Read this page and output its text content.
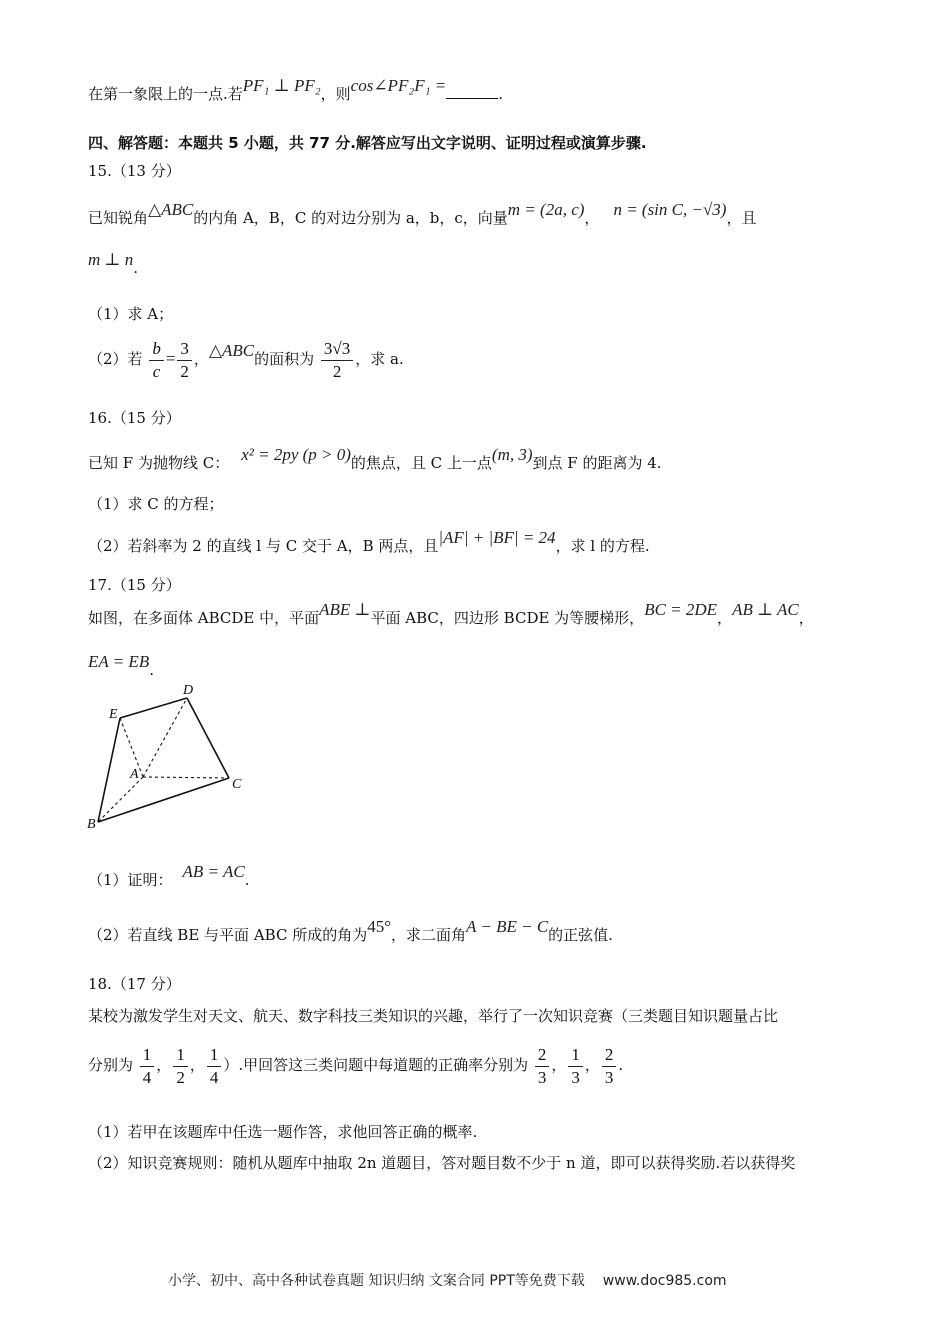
在第一象限上的一点.若PF₁ ⊥ PF₂，则cos∠PF₂F₁ =	.
四、解答题：本题共 5 小题，共 77 分.解答应写出文字说明、证明过程或演算步骤.
15.（13 分）
已知锐角△ABC的内角 A，B，C 的对边分别为 a，b，c，向量m = (2a, c)， n = (sin C, −√3)，且
m ⊥ n.
（1）求 A；
（2）若 $\frac{b}{c} = \frac{3}{2}$ ，△ABC的面积为 $\frac{3√3}{2}$ ，求 a.
16.（15 分）
已知 F 为抛物线 C： x² = 2py (p > 0)的焦点，且 C 上一点(m, 3)到点 F 的距离为 4.
（1）求 C 的方程；
（2）若斜率为 2 的直线 l 与 C 交于 A，B 两点，且|AF| + |BF| = 24，求 l 的方程.
17.（15 分）
如图，在多面体 ABCDE 中，平面ABE ⊥平面 ABC，四边形 BCDE 为等腰梯形，BC = 2DE，AB ⊥ AC，
EA = EB.
D
E
A
C
B
（1）证明： AB = AC.
（2）若直线 BE 与平面 ABC 所成的角为45°，求二面角A − BE − C的正弦值.
18.（17 分）
某校为激发学生对天文、航天、数字科技三类知识的兴趣，举行了一次知识竞赛（三类题目知识题量占比
分别为 $\frac{1}{4}$ ， $\frac{1}{2}$ ， $\frac{1}{4}$ ）.甲回答这三类问题中每道题的正确率分别为 $\frac{2}{3}$ ， $\frac{1}{3}$ ， $\frac{2}{3}$ .
（1）若甲在该题库中任选一题作答，求他回答正确的概率.
（2）知识竞赛规则：随机从题库中抽取 2n 道题目，答对题目数不少于 n 道，即可以获得奖励.若以获得奖
小学、初中、高中各种试卷真题 知识归纳 文案合同 PPT等免费下载 www.doc985.com
